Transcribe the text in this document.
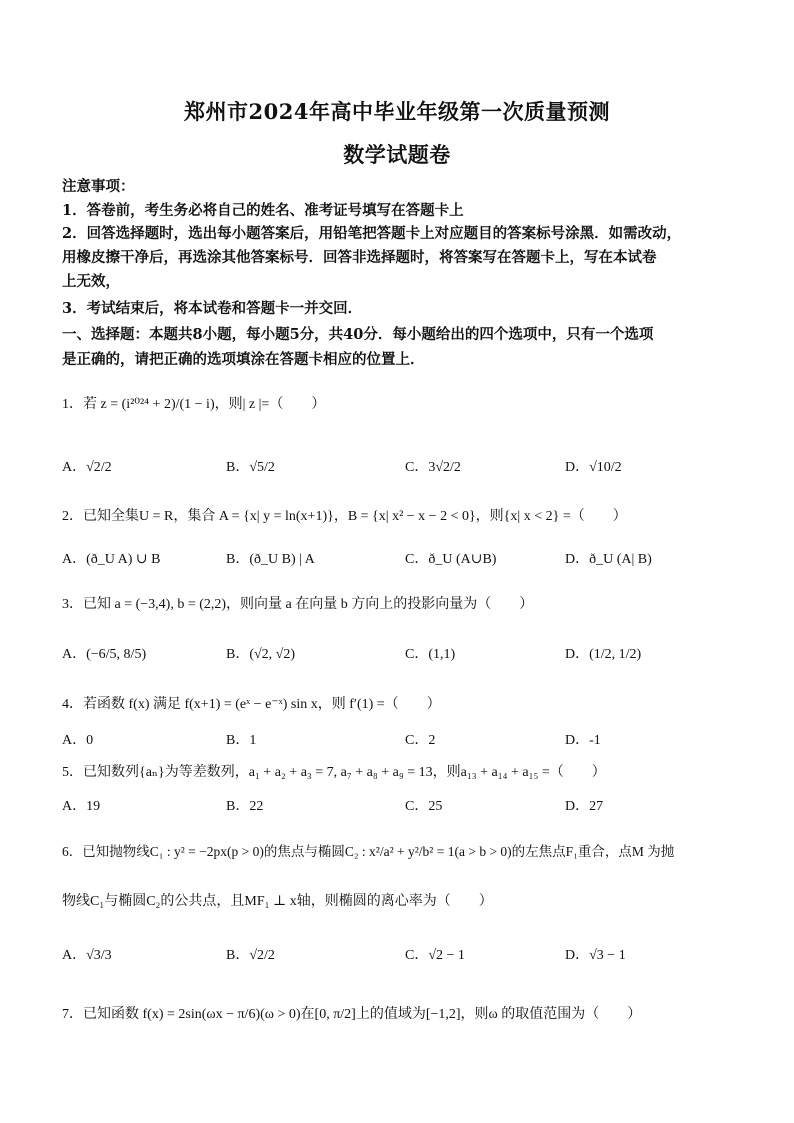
郑州市2024年高中毕业年级第一次质量预测
数学试题卷
注意事项：
1．答卷前，考生务必将自己的姓名、准考证号填写在答题卡上
2．回答选择题时，选出每小题答案后，用铅笔把答题卡上对应题目的答案标号涂黑．如需改动，
用橡皮擦干净后，再选涂其他答案标号．回答非选择题时，将答案写在答题卡上，写在本试卷
上无效，
3．考试结束后，将本试卷和答题卡一并交回．
一、选择题：本题共8小题，每小题5分，共40分．每小题给出的四个选项中，只有一个选项
是正确的，请把正确的选项填涂在答题卡相应的位置上．
1．若 z = (i²⁰²⁴ + 2)/(1 − i)，则| z |=（　　）
A．√2/2	B．√5/2	C．3√2/2	D．√10/2
2．已知全集U = R，集合 A = {x| y = ln(x+1)}，B = {x| x² − x − 2 < 0}，则{x| x < 2} =（　　）
A．(ð_U A) ∪ B	B．(ð_U B) | A	C．ð_U (A∪B)	D．ð_U (A| B)
3．已知 a = (−3,4), b = (2,2)，则向量 a 在向量 b 方向上的投影向量为（　　）
A．(−6/5, 8/5)	B．(√2, √2)	C．(1,1)	D．(1/2, 1/2)
4．若函数 f(x) 满足 f(x+1) = (eˣ − e⁻ˣ) sin x，则 f′(1) =（　　）
A．0	B．1	C．2	D．-1
5．已知数列{aₙ}为等差数列，a₁ + a₂ + a₃ = 7, a₇ + a₈ + a₉ = 13，则a₁₃ + a₁₄ + a₁₅ =（　　）
A．19	B．22	C．25	D．27
6．已知抛物线C₁ : y² = −2px(p > 0)的焦点与椭圆C₂ : x²/a² + y²/b² = 1(a > b > 0)的左焦点F₁重合，点M 为抛
物线C₁与椭圆C₂的公共点，且MF₁ ⊥ x轴，则椭圆的离心率为（　　）
A．√3/3	B．√2/2	C．√2 − 1	D．√3 − 1
7．已知函数 f(x) = 2sin(ωx − π/6)(ω > 0)在[0, π/2]上的值域为[−1,2]，则ω 的取值范围为（　　）
